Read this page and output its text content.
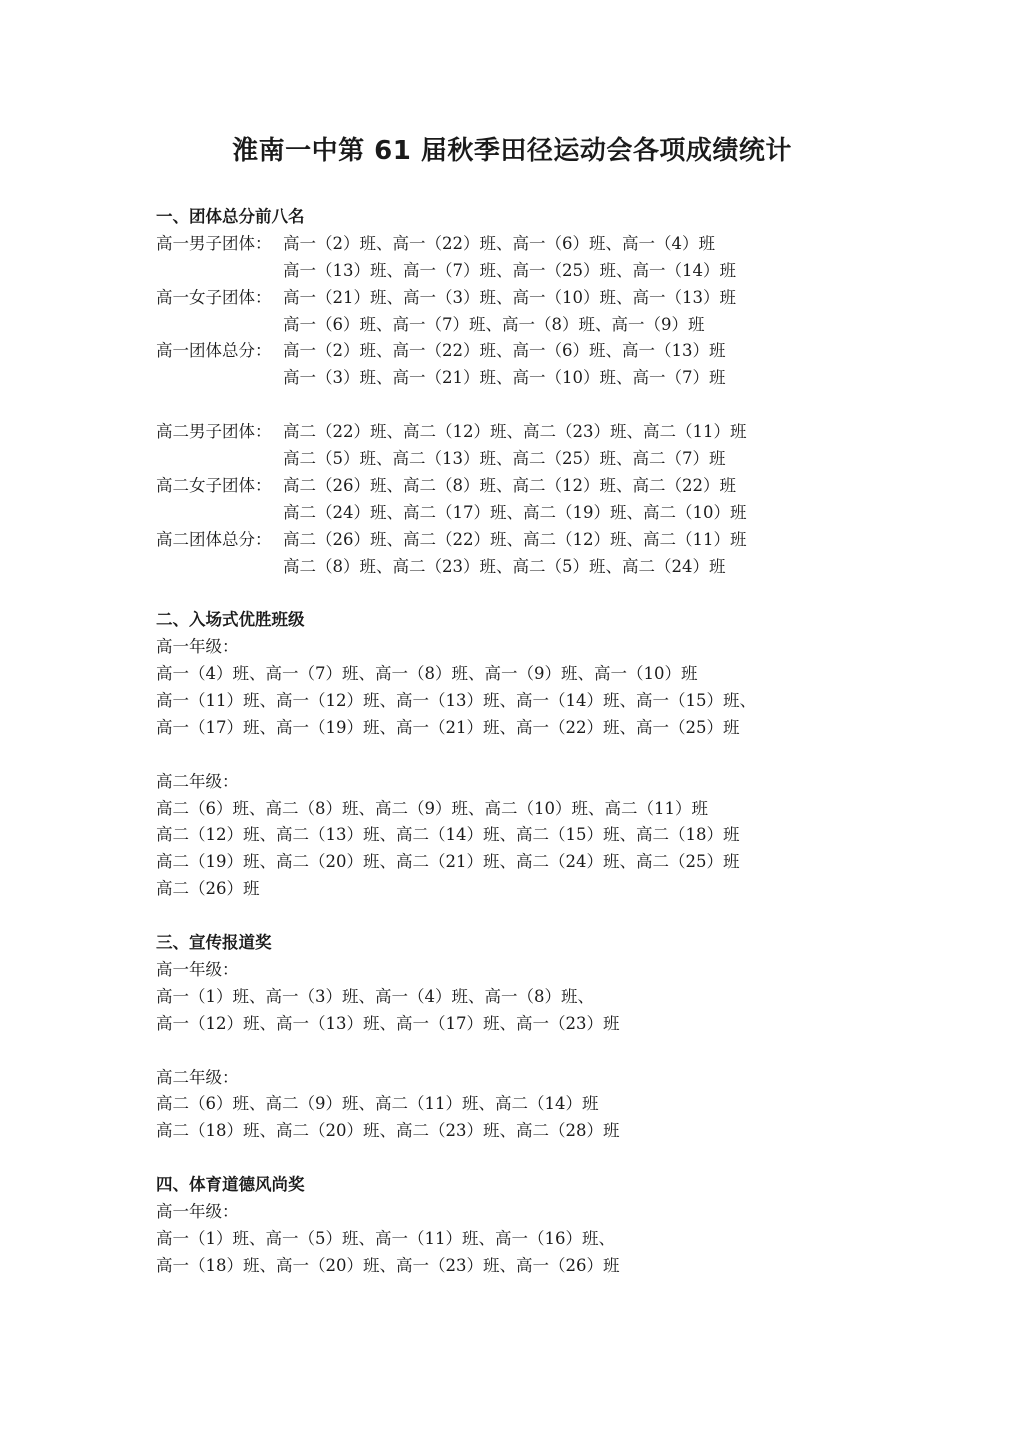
淮南一中第 61 届秋季田径运动会各项成绩统计
一、团体总分前八名
高一男子团体： 高一（2）班、高一（22）班、高一（6）班、高一（4）班
高一（13）班、高一（7）班、高一（25）班、高一（14）班
高一女子团体： 高一（21）班、高一（3）班、高一（10）班、高一（13）班
高一（6）班、高一（7）班、高一（8）班、高一（9）班
高一团体总分： 高一（2）班、高一（22）班、高一（6）班、高一（13）班
高一（3）班、高一（21）班、高一（10）班、高一（7）班
高二男子团体： 高二（22）班、高二（12）班、高二（23）班、高二（11）班
高二（5）班、高二（13）班、高二（25）班、高二（7）班
高二女子团体： 高二（26）班、高二（8）班、高二（12）班、高二（22）班
高二（24）班、高二（17）班、高二（19）班、高二（10）班
高二团体总分： 高二（26）班、高二（22）班、高二（12）班、高二（11）班
高二（8）班、高二（23）班、高二（5）班、高二（24）班
二、入场式优胜班级
高一年级：
高一（4）班、高一（7）班、高一（8）班、高一（9）班、高一（10）班
高一（11）班、高一（12）班、高一（13）班、高一（14）班、高一（15）班、
高一（17）班、高一（19）班、高一（21）班、高一（22）班、高一（25）班
高二年级：
高二（6）班、高二（8）班、高二（9）班、高二（10）班、高二（11）班
高二（12）班、高二（13）班、高二（14）班、高二（15）班、高二（18）班
高二（19）班、高二（20）班、高二（21）班、高二（24）班、高二（25）班
高二（26）班
三、宣传报道奖
高一年级：
高一（1）班、高一（3）班、高一（4）班、高一（8）班、
高一（12）班、高一（13）班、高一（17）班、高一（23）班
高二年级：
高二（6）班、高二（9）班、高二（11）班、高二（14）班
高二（18）班、高二（20）班、高二（23）班、高二（28）班
四、体育道德风尚奖
高一年级：
高一（1）班、高一（5）班、高一（11）班、高一（16）班、
高一（18）班、高一（20）班、高一（23）班、高一（26）班
